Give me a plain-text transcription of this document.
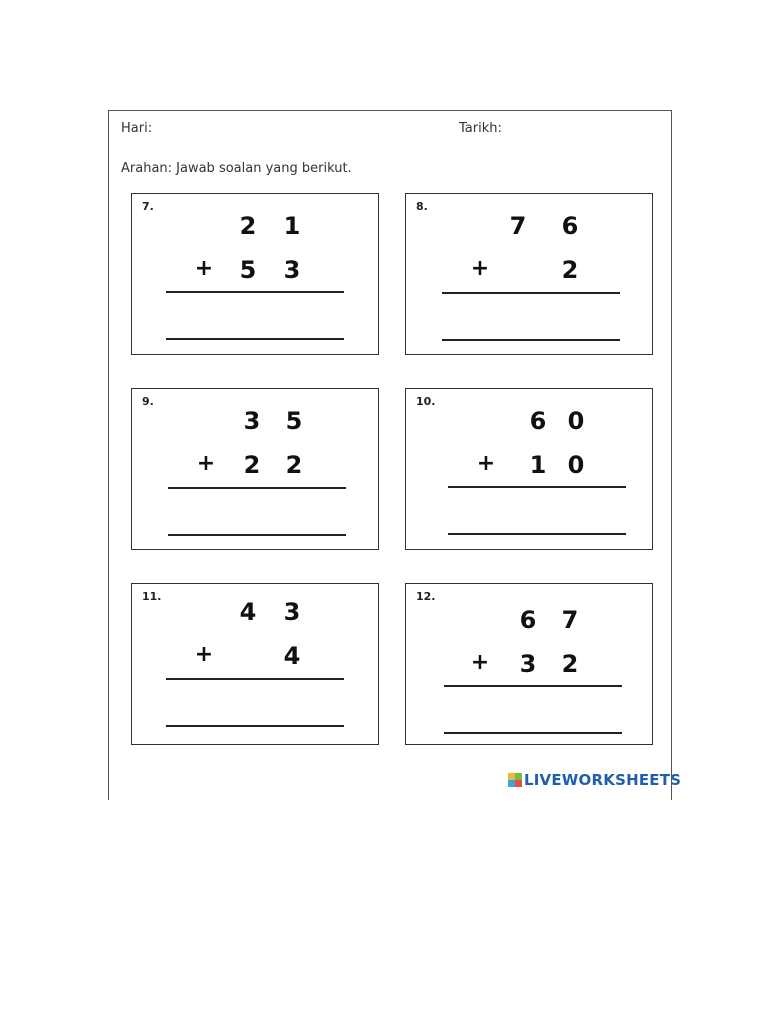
Hari:	Tarikh:
Arahan: Jawab soalan yang berikut.
7.
2 1
+ 5 3
8.
7 6
+	2
9.
3 5
+ 2 2
10.
6 0
+ 1 0
11.
4 3
+	4
12.
6 7
+ 3 2
LIVEWORKSHEETS
